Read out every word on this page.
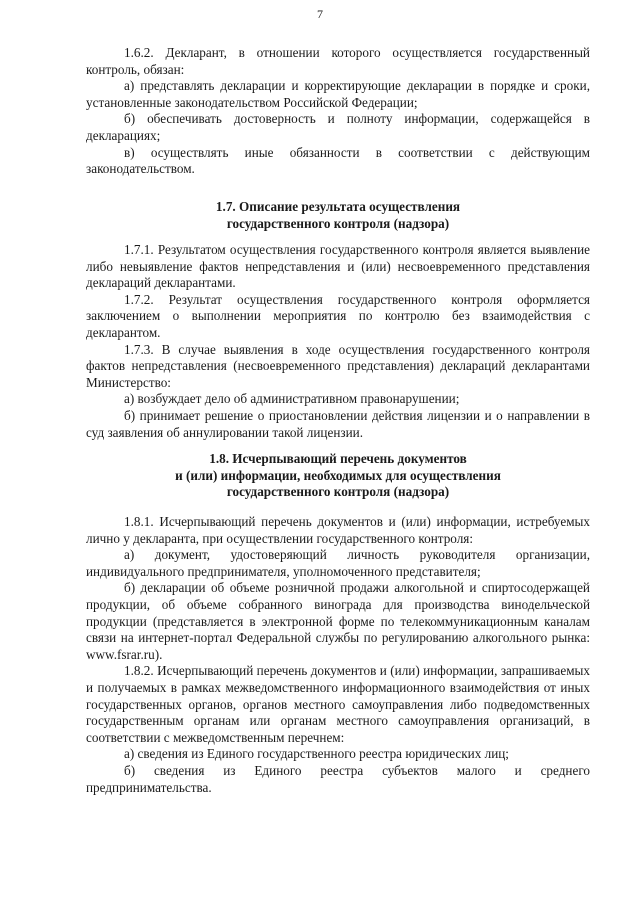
7

1.6.2. Декларант, в отношении которого осуществляется государственный контроль, обязан:

а) представлять декларации и корректирующие декларации в порядке и сроки, установленные законодательством Российской Федерации;

б) обеспечивать достоверность и полноту информации, содержащейся в декларациях;

в) осуществлять иные обязанности в соответствии с действующим законодательством.

1.7. Описание результата осуществления
государственного контроля (надзора)

1.7.1. Результатом осуществления государственного контроля является выявление либо невыявление фактов непредставления и (или) несвоевременного представления деклараций декларантами.

1.7.2. Результат осуществления государственного контроля оформляется заключением о выполнении мероприятия по контролю без взаимодействия с декларантом.

1.7.3. В случае выявления в ходе осуществления государственного контроля фактов непредставления (несвоевременного представления) деклараций декларантами Министерство:

а) возбуждает дело об административном правонарушении;

б) принимает решение о приостановлении действия лицензии и о направлении в суд заявления об аннулировании такой лицензии.

1.8. Исчерпывающий перечень документов
и (или) информации, необходимых для осуществления
государственного контроля (надзора)

1.8.1. Исчерпывающий перечень документов и (или) информации, истребуемых лично у декларанта, при осуществлении государственного контроля:

а) документ, удостоверяющий личность руководителя организации, индивидуального предпринимателя, уполномоченного представителя;

б) декларации об объеме розничной продажи алкогольной и спиртосодержащей продукции, об объеме собранного винограда для производства винодельческой продукции (представляется в электронной форме по телекоммуникационным каналам связи на интернет-портал Федеральной службы по регулированию алкогольного рынка: www.fsrar.ru).

1.8.2. Исчерпывающий перечень документов и (или) информации, запрашиваемых и получаемых в рамках межведомственного информационного взаимодействия от иных государственных органов, органов местного самоуправления либо подведомственных государственным органам или органам местного самоуправления организаций, в соответствии с межведомственным перечнем:

а) сведения из Единого государственного реестра юридических лиц;

б) сведения из Единого реестра субъектов малого и среднего предпринимательства.
